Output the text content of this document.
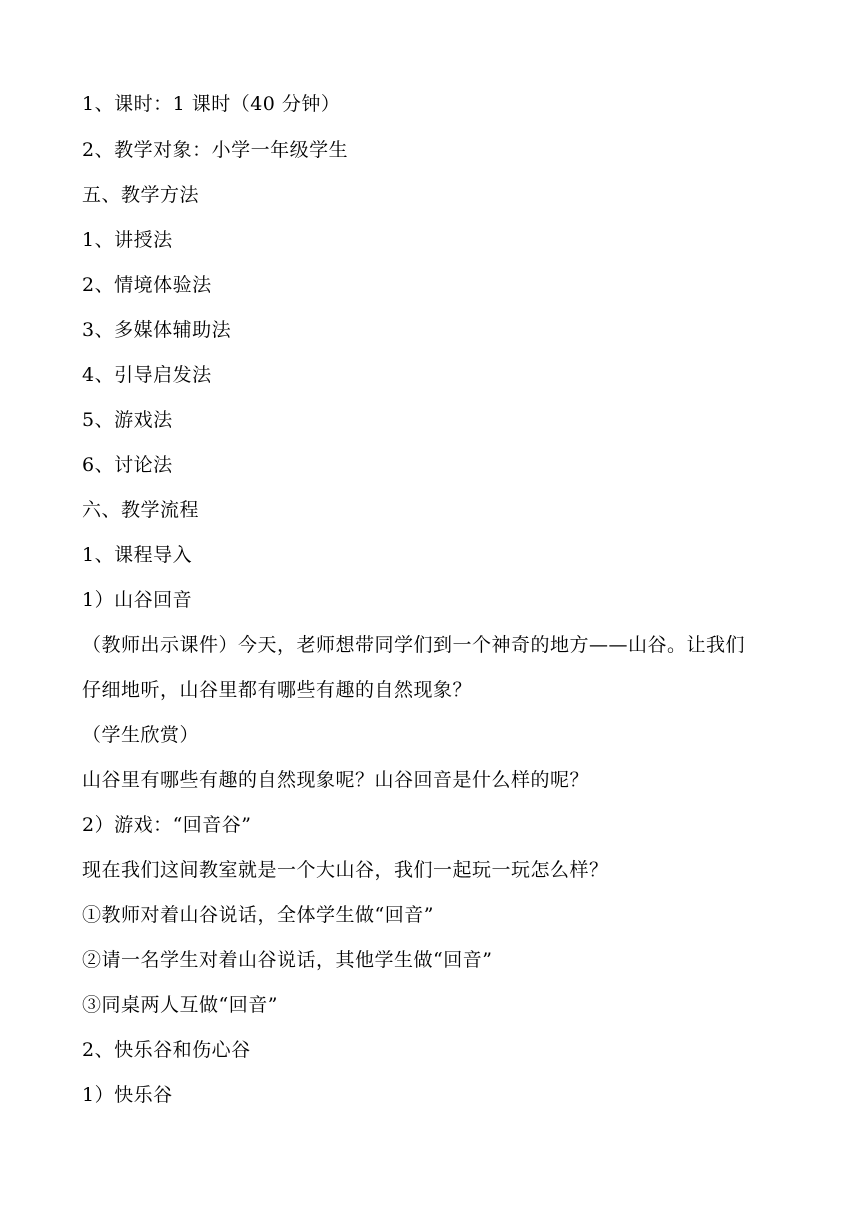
1、课时：1 课时（40 分钟）
2、教学对象：小学一年级学生
五、教学方法
1、讲授法
2、情境体验法
3、多媒体辅助法
4、引导启发法
5、游戏法
6、讨论法
六、教学流程
1、课程导入
1）山谷回音
（教师出示课件）今天，老师想带同学们到一个神奇的地方——山谷。让我们
仔细地听，山谷里都有哪些有趣的自然现象？
（学生欣赏）
山谷里有哪些有趣的自然现象呢？山谷回音是什么样的呢？
2）游戏：“回音谷”
现在我们这间教室就是一个大山谷，我们一起玩一玩怎么样？
①教师对着山谷说话，全体学生做“回音”
②请一名学生对着山谷说话，其他学生做“回音”
③同桌两人互做“回音”
2、快乐谷和伤心谷
1）快乐谷
